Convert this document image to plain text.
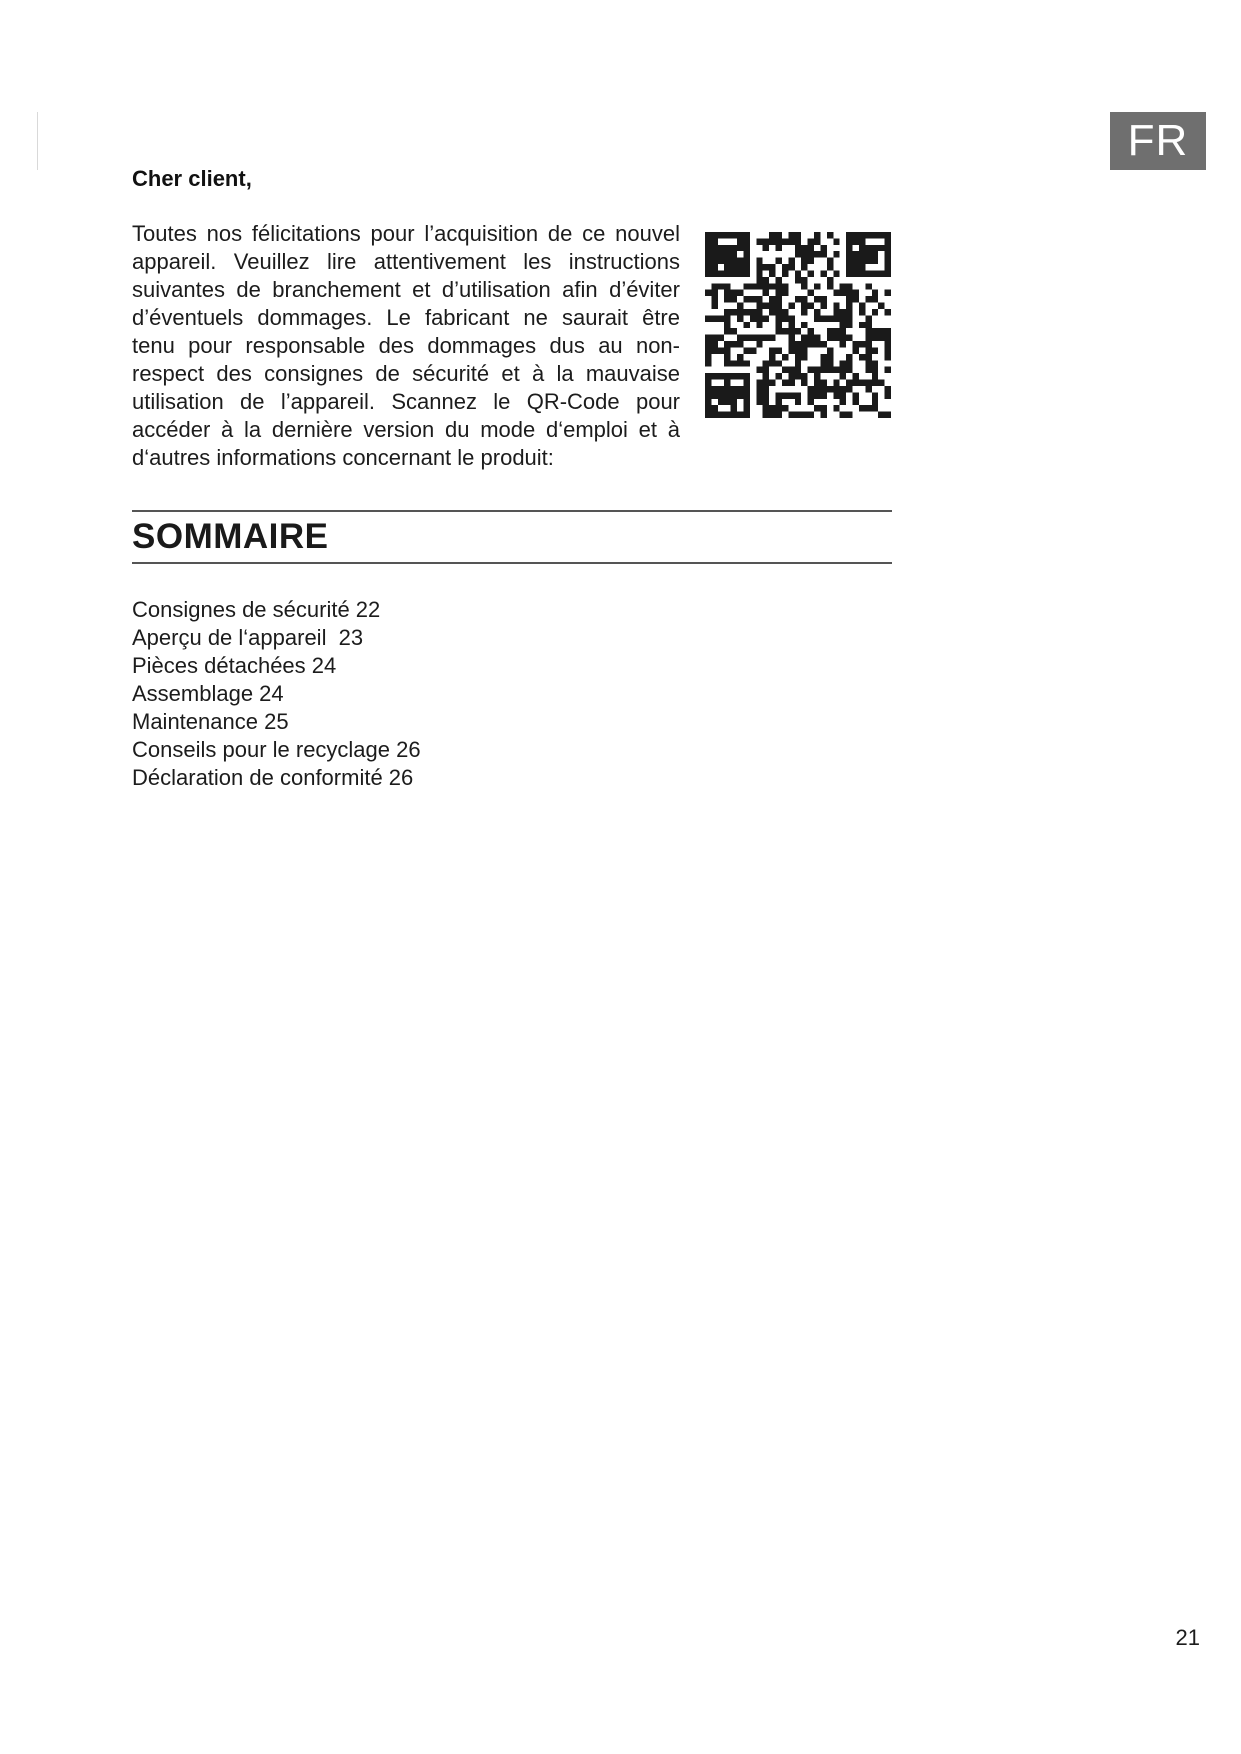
FR
Cher client,

Toutes nos félicitations pour l’acquisition de ce nouvel appareil. Veuillez lire attentivement les instructions suivantes de branchement et d’utilisation afin d’éviter d’éventuels dommages. Le fabricant ne saurait être tenu pour responsable des dommages dus au non-respect des consignes de sécurité et à la mauvaise utilisation de l’appareil. Scannez le QR-Code pour accéder à la dernière version du mode d‘emploi et à d‘autres informations concernant le produit:

SOMMAIRE
Consignes de sécurité 22
Aperçu de l‘appareil  23
Pièces détachées 24
Assemblage 24
Maintenance 25
Conseils pour le recyclage 26
Déclaration de conformité 26
21
